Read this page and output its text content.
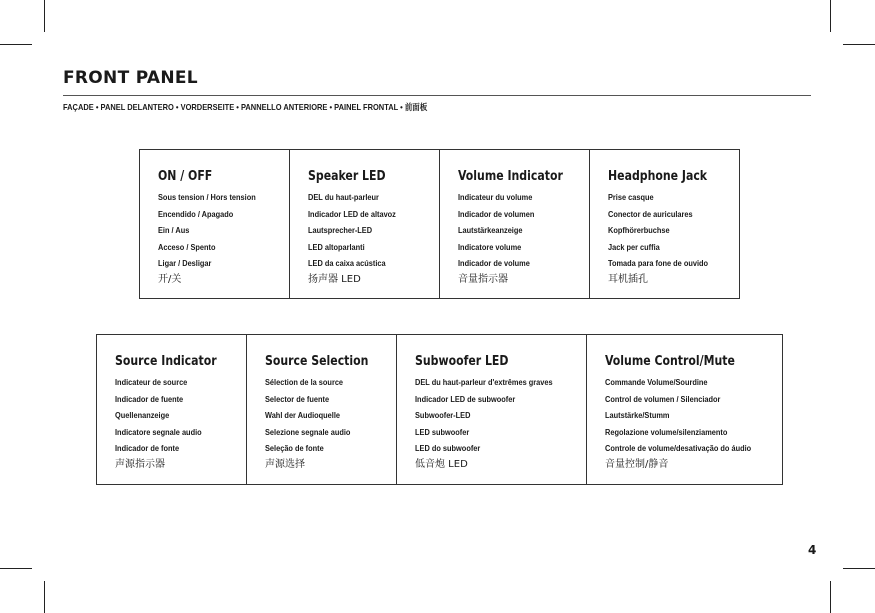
FRONT PANEL
FAÇADE • PANEL DELANTERO • VORDERSEITE • PANNELLO ANTERIORE • PAINEL FRONTAL • 前面板
ON / OFF
Sous tension / Hors tension
Encendido / Apagado
Ein / Aus
Acceso / Spento
Ligar / Desligar
开/关
Speaker LED
DEL du haut-parleur
Indicador LED de altavoz
Lautsprecher-LED
LED altoparlanti
LED da caixa acústica
扬声器 LED
Volume Indicator
Indicateur du volume
Indicador de volumen
Lautstärkeanzeige
Indicatore volume
Indicador de volume
音量指示器
Headphone Jack
Prise casque
Conector de auriculares
Kopfhörerbuchse
Jack per cuffia
Tomada para fone de ouvido
耳机插孔
Source Indicator
Indicateur de source
Indicador de fuente
Quellenanzeige
Indicatore segnale audio
Indicador de fonte
声源指示器
Source Selection
Sélection de la source
Selector de fuente
Wahl der Audioquelle
Selezione segnale audio
Seleção de fonte
声源选择
Subwoofer LED
DEL du haut-parleur d'extrêmes graves
Indicador LED de subwoofer
Subwoofer-LED
LED subwoofer
LED do subwoofer
低音炮 LED
Volume Control/Mute
Commande Volume/Sourdine
Control de volumen / Silenciador
Lautstärke/Stumm
Regolazione volume/silenziamento
Controle de volume/desativação do áudio
音量控制/静音
4
